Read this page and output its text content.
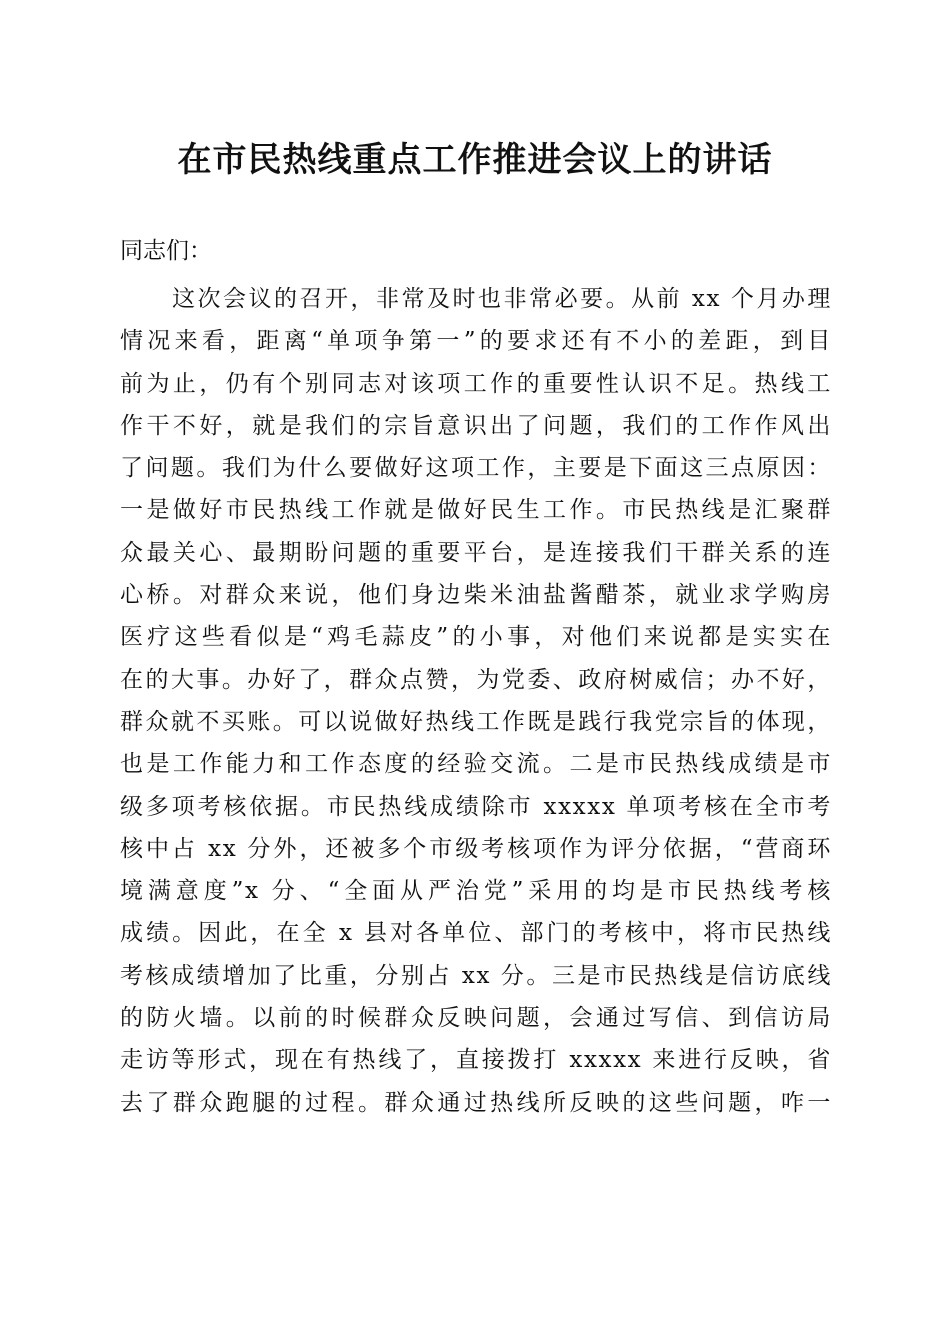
在市民热线重点工作推进会议上的讲话
同志们：
这次会议的召开，非常及时也非常必要。从前 xx 个月办理
情况来看，距离“单项争第一”的要求还有不小的差距，到目
前为止，仍有个别同志对该项工作的重要性认识不足。热线工
作干不好，就是我们的宗旨意识出了问题，我们的工作作风出
了问题。我们为什么要做好这项工作，主要是下面这三点原因：
一是做好市民热线工作就是做好民生工作。市民热线是汇聚群
众最关心、最期盼问题的重要平台，是连接我们干群关系的连
心桥。对群众来说，他们身边柴米油盐酱醋茶，就业求学购房
医疗这些看似是“鸡毛蒜皮”的小事，对他们来说都是实实在
在的大事。办好了，群众点赞，为党委、政府树威信；办不好，
群众就不买账。可以说做好热线工作既是践行我党宗旨的体现，
也是工作能力和工作态度的经验交流。二是市民热线成绩是市
级多项考核依据。市民热线成绩除市 xxxxx 单项考核在全市考
核中占 xx 分外，还被多个市级考核项作为评分依据，“营商环
境满意度”x 分、“全面从严治党”采用的均是市民热线考核
成绩。因此，在全 x 县对各单位、部门的考核中，将市民热线
考核成绩增加了比重，分别占 xx 分。三是市民热线是信访底线
的防火墙。以前的时候群众反映问题，会通过写信、到信访局
走访等形式，现在有热线了，直接拨打 xxxxx 来进行反映，省
去了群众跑腿的过程。群众通过热线所反映的这些问题，咋一
